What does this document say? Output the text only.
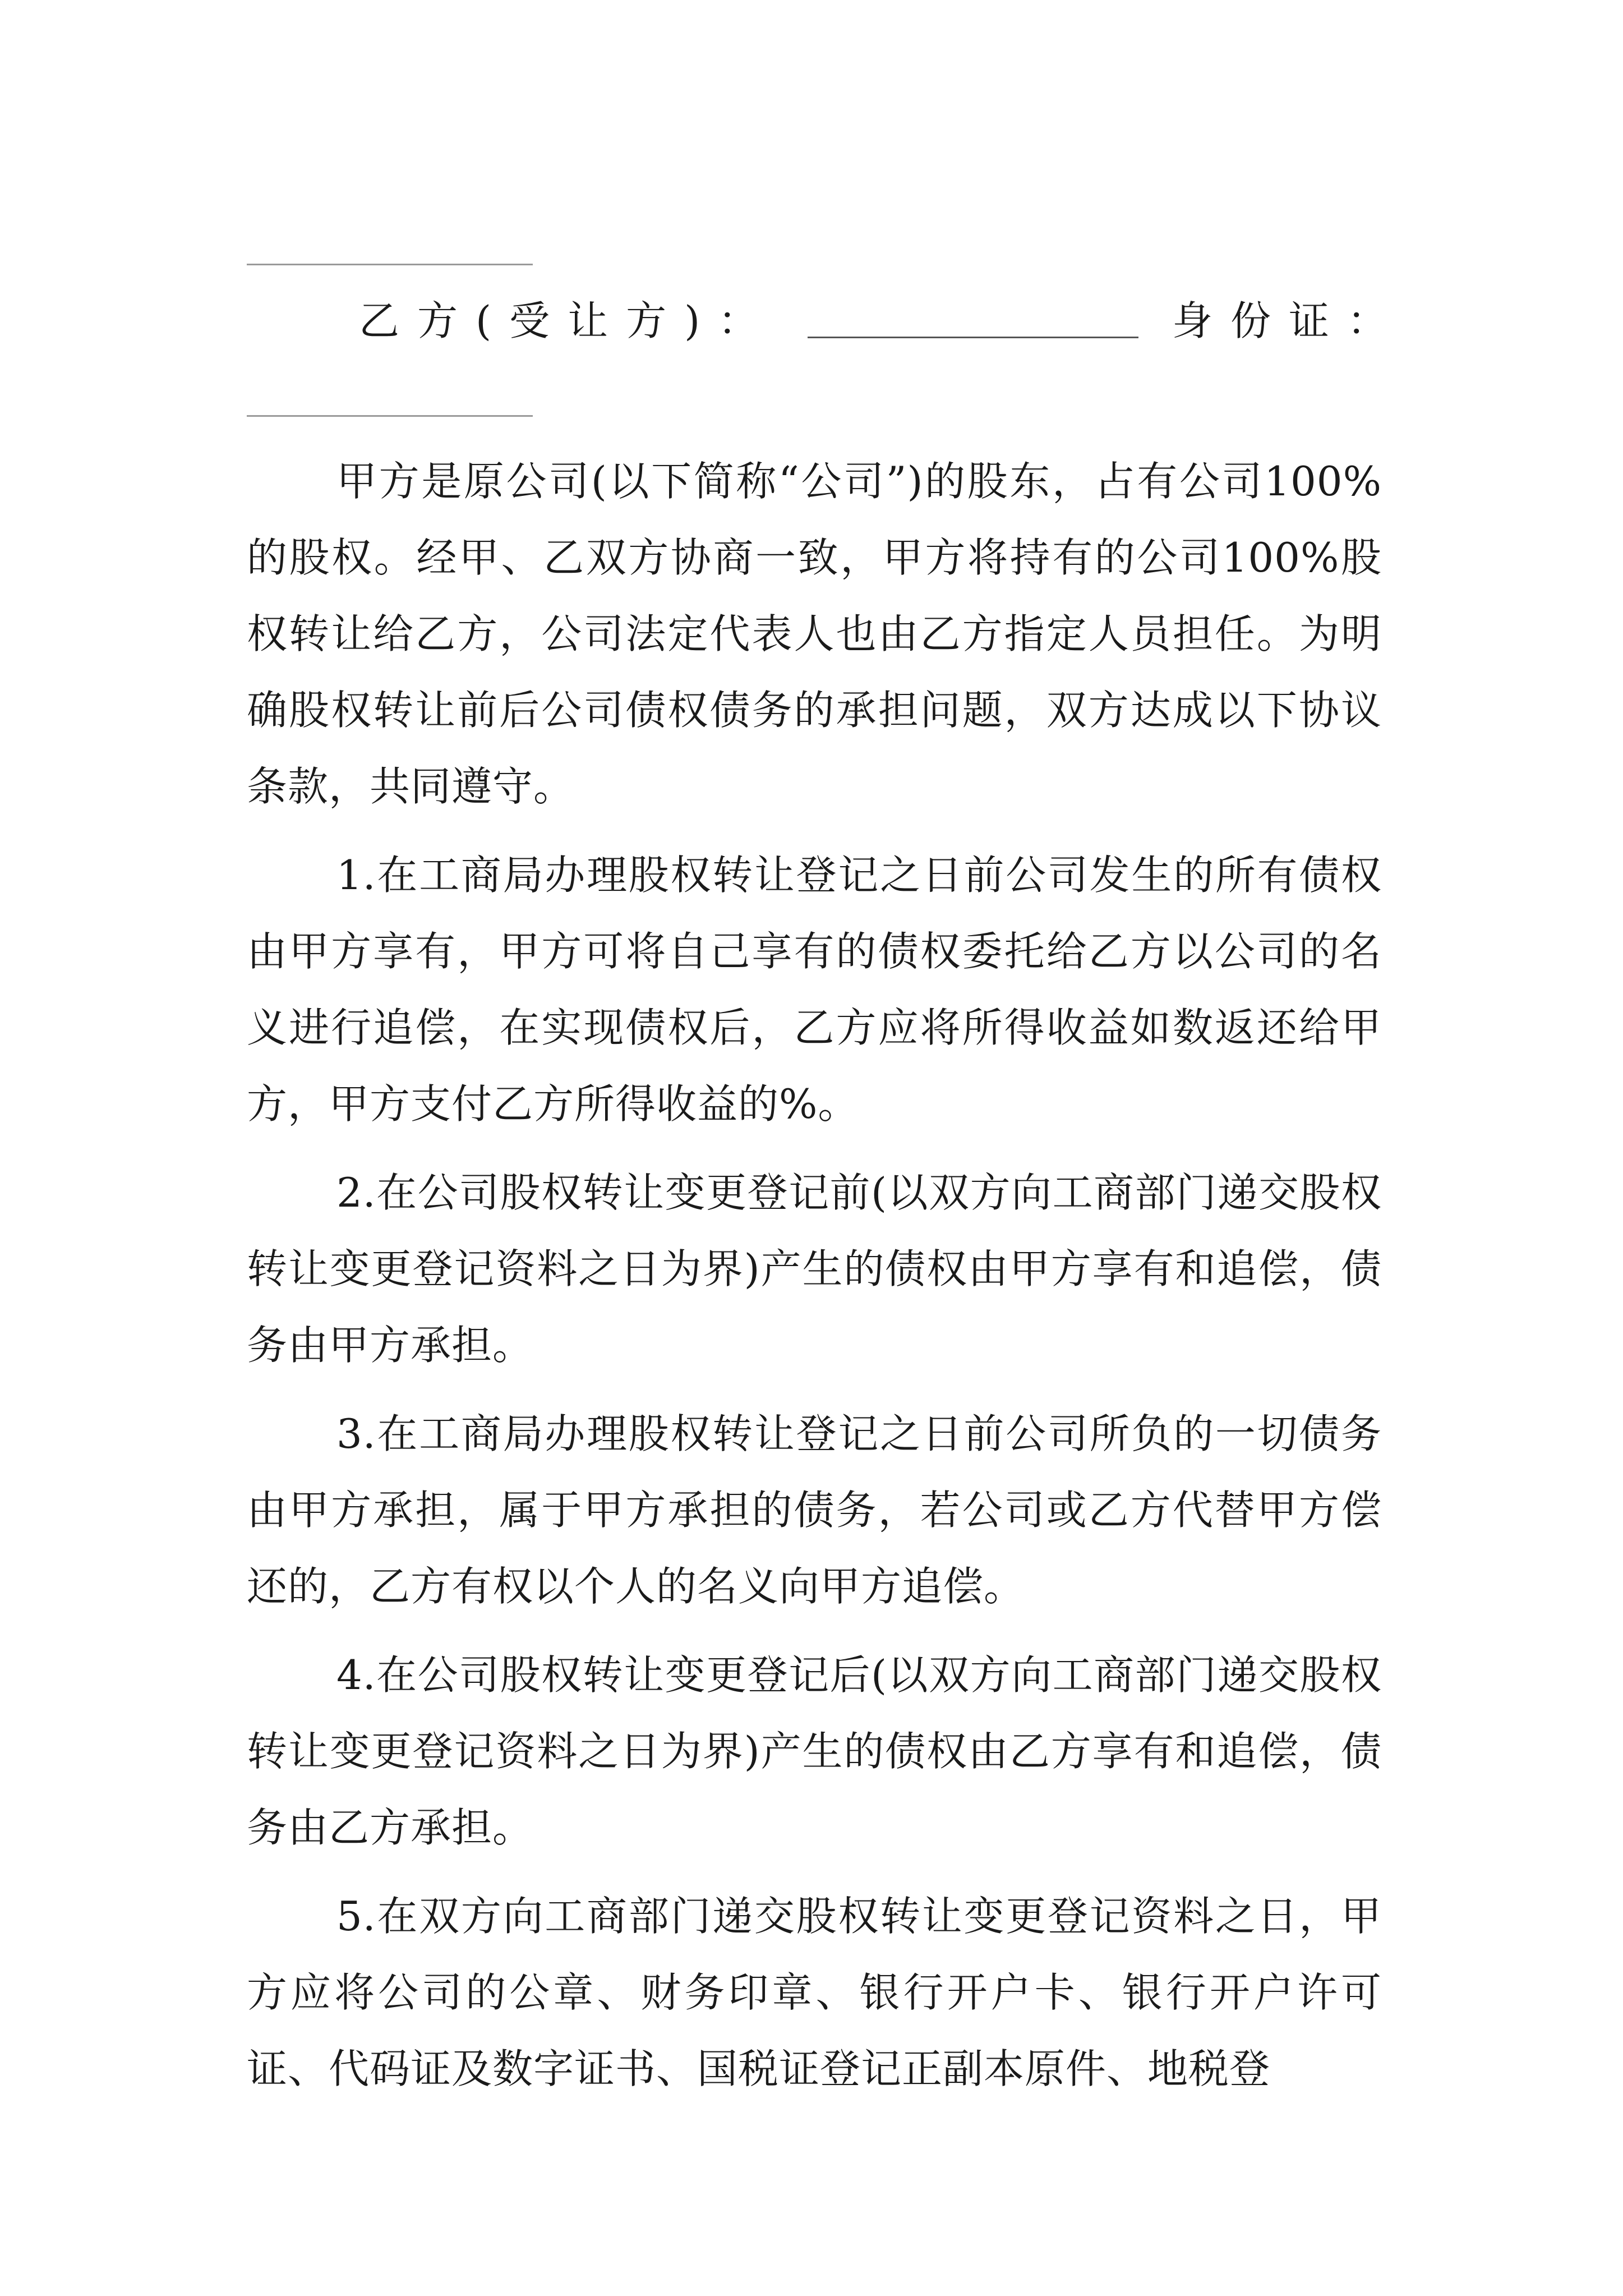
乙方(受让方)：	身份证：

甲方是原公司(以下简称“公司”)的股东，占有公司100%的股权。经甲、乙双方协商一致，甲方将持有的公司100%股权转让给乙方，公司法定代表人也由乙方指定人员担任。为明确股权转让前后公司债权债务的承担问题，双方达成以下协议条款，共同遵守。

1.在工商局办理股权转让登记之日前公司发生的所有债权由甲方享有，甲方可将自己享有的债权委托给乙方以公司的名义进行追偿，在实现债权后，乙方应将所得收益如数返还给甲方，甲方支付乙方所得收益的%。

2.在公司股权转让变更登记前(以双方向工商部门递交股权转让变更登记资料之日为界)产生的债权由甲方享有和追偿，债务由甲方承担。

3.在工商局办理股权转让登记之日前公司所负的一切债务由甲方承担，属于甲方承担的债务，若公司或乙方代替甲方偿还的，乙方有权以个人的名义向甲方追偿。

4.在公司股权转让变更登记后(以双方向工商部门递交股权转让变更登记资料之日为界)产生的债权由乙方享有和追偿，债务由乙方承担。

5.在双方向工商部门递交股权转让变更登记资料之日，甲方应将公司的公章、财务印章、银行开户卡、银行开户许可证、代码证及数字证书、国税证登记正副本原件、地税登
